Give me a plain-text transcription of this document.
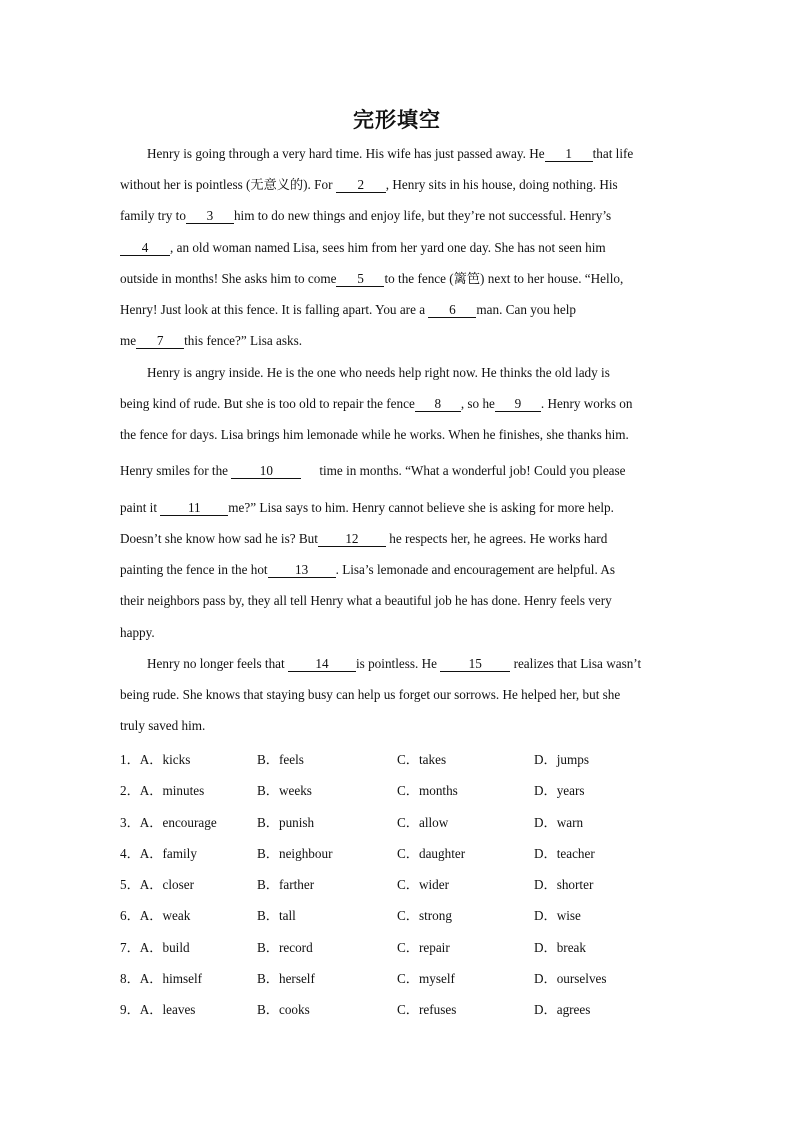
完形填空
Henry is going through a very hard time. His wife has just passed away. He 1 that life
without her is pointless (无意义的). For 2 , Henry sits in his house, doing nothing. His
family try to 3 him to do new things and enjoy life, but they’re not successful. Henry’s
4 , an old woman named Lisa, sees him from her yard one day. She has not seen him
outside in months! She asks him to come 5 to the fence (篱笆) next to her house. “Hello,
Henry! Just look at this fence. It is falling apart. You are a 6 man. Can you help
me 7 this fence?” Lisa asks.
Henry is angry inside. He is the one who needs help right now. He thinks the old lady is
being kind of rude. But she is too old to repair the fence 8 , so he 9 . Henry works on
the fence for days. Lisa brings him lemonade while he works. When he finishes, she thanks him.
Henry smiles for the 10	time in months. “What a wonderful job! Could you please
paint it 11 me?” Lisa says to him. Henry cannot believe she is asking for more help.
Doesn’t she know how sad he is? But 12 he respects her, he agrees. He works hard
painting the fence in the hot 13 . Lisa’s lemonade and encouragement are helpful. As
their neighbors pass by, they all tell Henry what a beautiful job he has done. Henry feels very
happy.
Henry no longer feels that 14 is pointless. He 15 realizes that Lisa wasn’t
being rude. She knows that staying busy can help us forget our sorrows. He helped her, but she
truly saved him.
1．A．kicks	B．feels	C．takes	D．jumps
2．A．minutes	B．weeks	C．months	D．years
3．A．encourage	B．punish	C．allow	D．warn
4．A．family	B．neighbour	C．daughter	D．teacher
5．A．closer	B．farther	C．wider	D．shorter
6．A．weak	B．tall	C．strong	D．wise
7．A．build	B．record	C．repair	D．break
8．A．himself	B．herself	C．myself	D．ourselves
9．A．leaves	B．cooks	C．refuses	D．agrees
